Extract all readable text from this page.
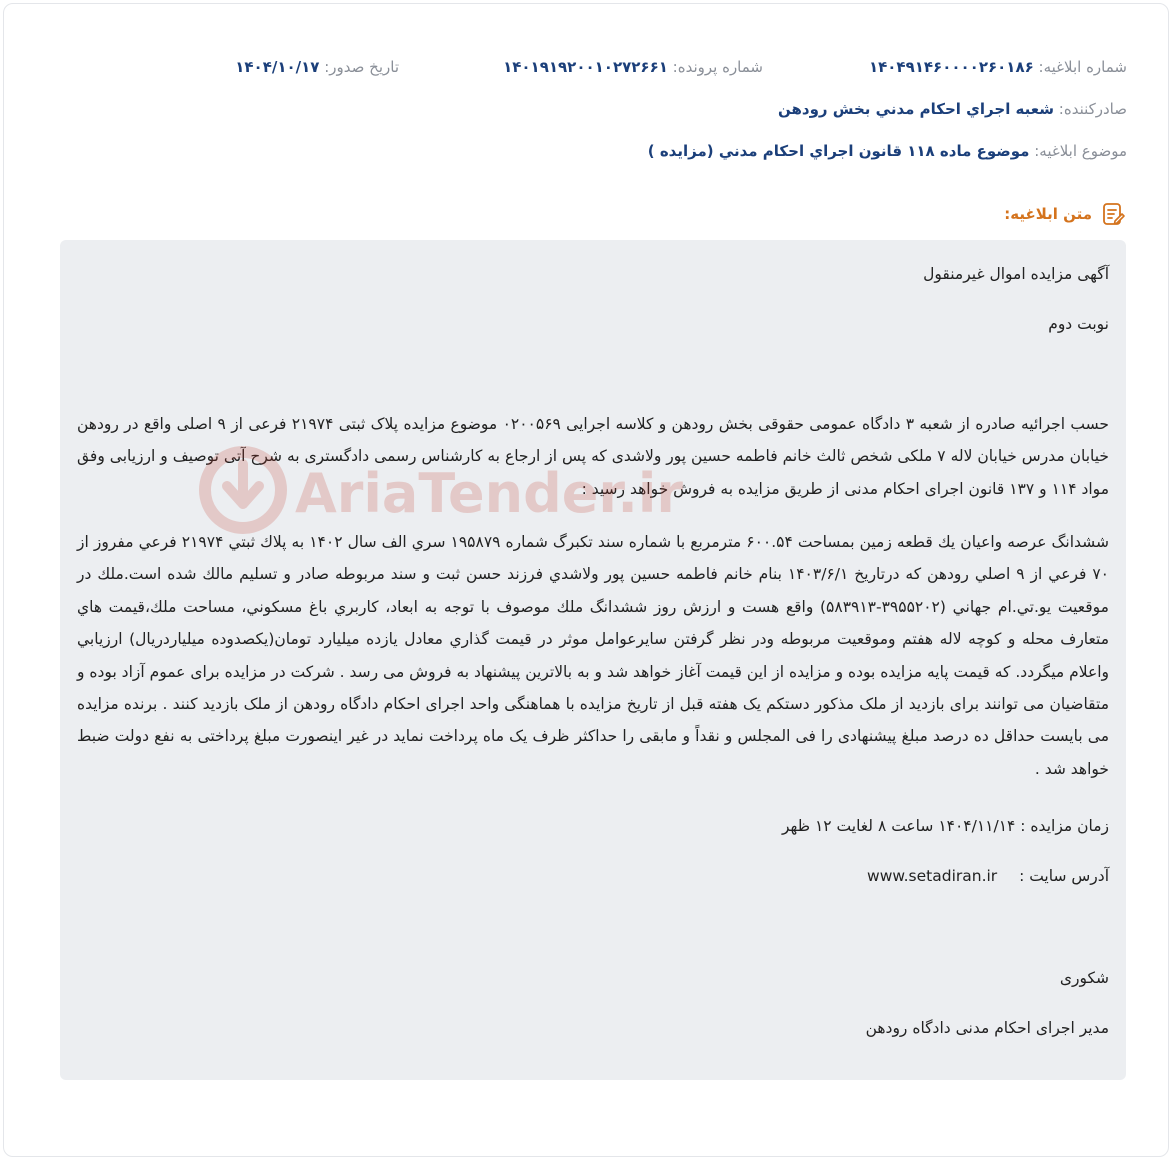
شماره ابلاغیه: ۱۴۰۴۹۱۴۶۰۰۰۰۲۶۰۱۸۶
شماره پرونده: ۱۴۰۱۹۱۹۲۰۰۱۰۲۷۲۶۶۱
تاریخ صدور: ۱۴۰۴/۱۰/۱۷
صادرکننده: شعبه اجراي احكام مدني بخش رودهن
موضوع ابلاغیه: موضوع ماده ۱۱۸ قانون اجراي احكام مدني (مزايده )
متن ابلاغیه:

آگهی مزایده اموال غیرمنقول

نوبت دوم

حسب اجرائیه صادره از شعبه ۳ دادگاه عمومی حقوقی بخش رودهن و کلاسه اجرایی ۰۲۰۰۵۶۹ موضوع مزایده پلاک ثبتی ۲۱۹۷۴ فرعی از ۹ اصلی واقع در رودهن خیابان مدرس خیابان لاله ۷ ملکی شخص ثالث خانم فاطمه حسین پور ولاشدی که پس از ارجاع به کارشناس رسمی دادگستری به شرح آتی توصیف و ارزیابی وفق مواد ۱۱۴ و ۱۳۷ قانون اجرای احکام مدنی از طریق مزایده به فروش خواهد رسید :

ششدانگ عرصه واعيان يك قطعه زمين بمساحت ۶۰۰.۵۴ مترمربع با شماره سند تکبرگ شماره ۱۹۵۸۷۹ سري الف سال ۱۴۰۲ به پلاك ثبتي ۲۱۹۷۴ فرعي مفروز از ۷۰ فرعي از ۹ اصلي رودهن كه درتاريخ ۱۴۰۳/۶/۱ بنام خانم فاطمه حسين پور ولاشدي فرزند حسن ثبت و سند مربوطه صادر و تسليم مالك شده است.ملك در موقعيت يو.تي.ام جهاني (۳۹۵۵۲۰۲-۵۸۳۹۱۳) واقع هست و ارزش روز ششدانگ ملك موصوف با توجه به ابعاد، كاربري باغ مسكوني، مساحت ملك،قيمت هاي متعارف محله و كوچه لاله هفتم وموقعيت مربوطه ودر نظر گرفتن سايرعوامل موثر در قيمت گذاري معادل يازده ميليارد تومان(يكصدوده ميلياردريال) ارزيابي واعلام ميگردد. که قیمت پایه مزایده بوده و مزایده از این قیمت آغاز خواهد شد و به بالاترین پیشنهاد به فروش می رسد . شرکت در مزایده برای عموم آزاد بوده و متقاضیان می توانند برای بازدید از ملک مذکور دستکم یک هفته قبل از تاریخ مزایده با هماهنگی واحد اجرای احکام دادگاه رودهن از ملک بازدید کنند . برنده مزایده می بایست حداقل ده درصد مبلغ پیشنهادی را فی المجلس و نقداً و مابقی را حداکثر ظرف یک ماه پرداخت نماید در غیر اینصورت مبلغ پرداختی به نفع دولت ضبط خواهد شد .

زمان مزایده : ۱۴۰۴/۱۱/۱۴ ساعت ۸ لغایت ۱۲ ظهر

آدرس سایت :  www.setadiran.ir

شکوری

مدیر اجرای احکام مدنی دادگاه رودهن

AriaTender.ir
